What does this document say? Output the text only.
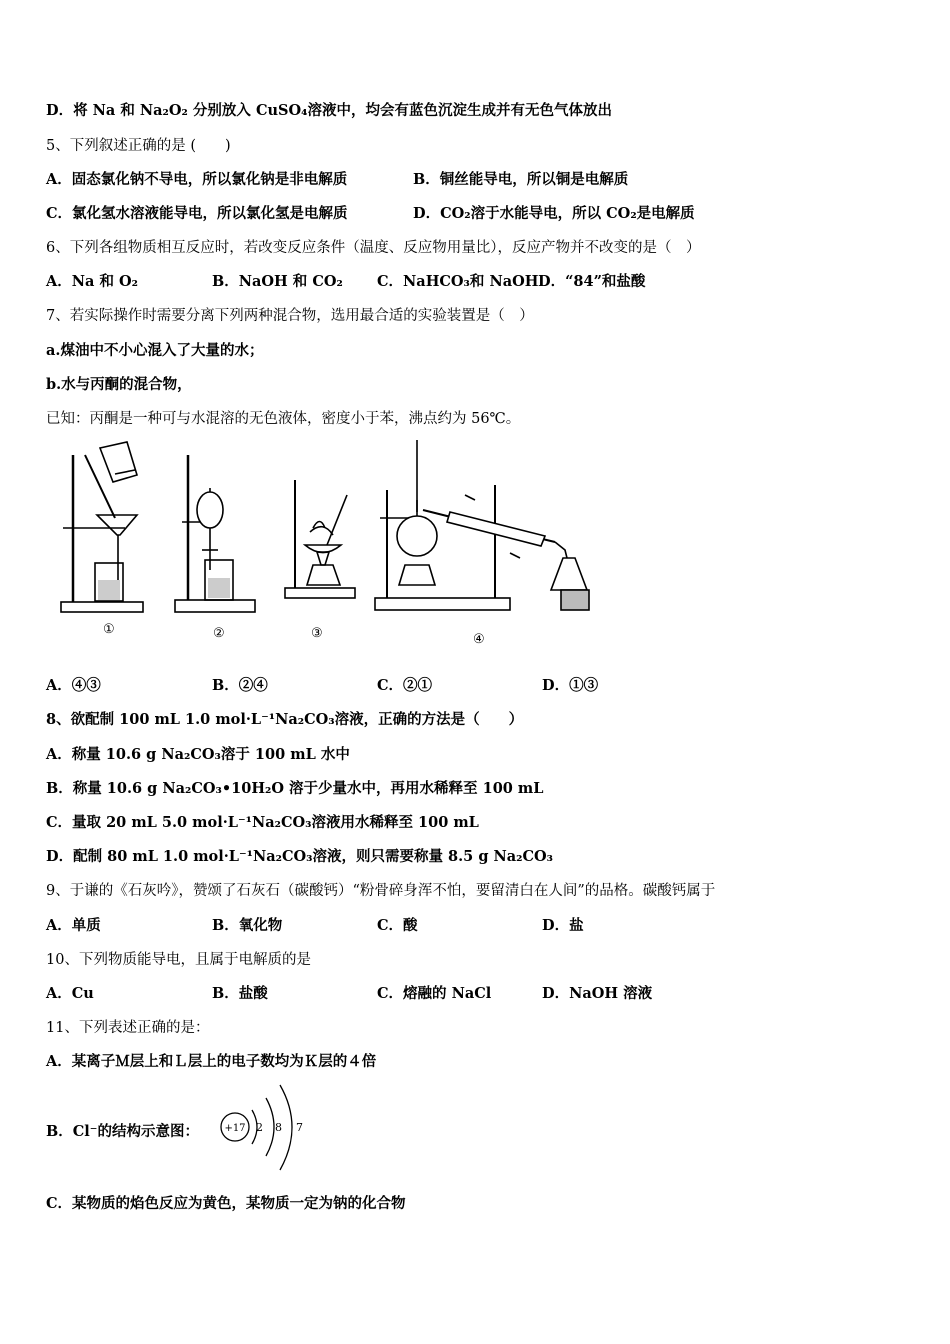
D．将 Na 和 Na₂O₂ 分别放入 CuSO₄溶液中，均会有蓝色沉淀生成并有无色气体放出
5、下列叙述正确的是 (　　)
A．固态氯化钠不导电，所以氯化钠是非电解质	B．铜丝能导电，所以铜是电解质
C．氯化氢水溶液能导电，所以氯化氢是电解质	D．CO₂溶于水能导电，所以 CO₂是电解质
6、下列各组物质相互反应时，若改变反应条件（温度、反应物用量比），反应产物并不改变的是（　）
A．Na 和 O₂	B．NaOH 和 CO₂ C．NaHCO₃和 NaOH D．“84”和盐酸
7、若实际操作时需要分离下列两种混合物，选用最合适的实验装置是（　）
a.煤油中不小心混入了大量的水；
b.水与丙酮的混合物，
已知：丙酮是一种可与水混溶的无色液体，密度小于苯，沸点约为 56℃。
①	②	③	④
A．④③	B．②④	C．②①	D．①③
8、欲配制 100 mL 1.0 mol·L⁻¹Na₂CO₃溶液，正确的方法是（　　）
A．称量 10.6 g Na₂CO₃溶于 100 mL 水中
B．称量 10.6 g Na₂CO₃•10H₂O 溶于少量水中，再用水稀释至 100 mL
C．量取 20 mL 5.0 mol·L⁻¹Na₂CO₃溶液用水稀释至 100 mL
D．配制 80 mL 1.0 mol·L⁻¹Na₂CO₃溶液，则只需要称量 8.5 g Na₂CO₃
9、于谦的《石灰吟》，赞颂了石灰石（碳酸钙）“粉骨碎身浑不怕，要留清白在人间”的品格。碳酸钙属于
A．单质	B．氧化物	C．酸	D．盐
10、下列物质能导电，且属于电解质的是
A．Cu	B．盐酸	C．熔融的 NaCl	D．NaOH 溶液
11、下列表述正确的是：
A．某离子Ｍ层上和Ｌ层上的电子数均为Ｋ层的４倍
B．Cl⁻的结构示意图：	+17 2 8 7
C．某物质的焰色反应为黄色，某物质一定为钠的化合物
